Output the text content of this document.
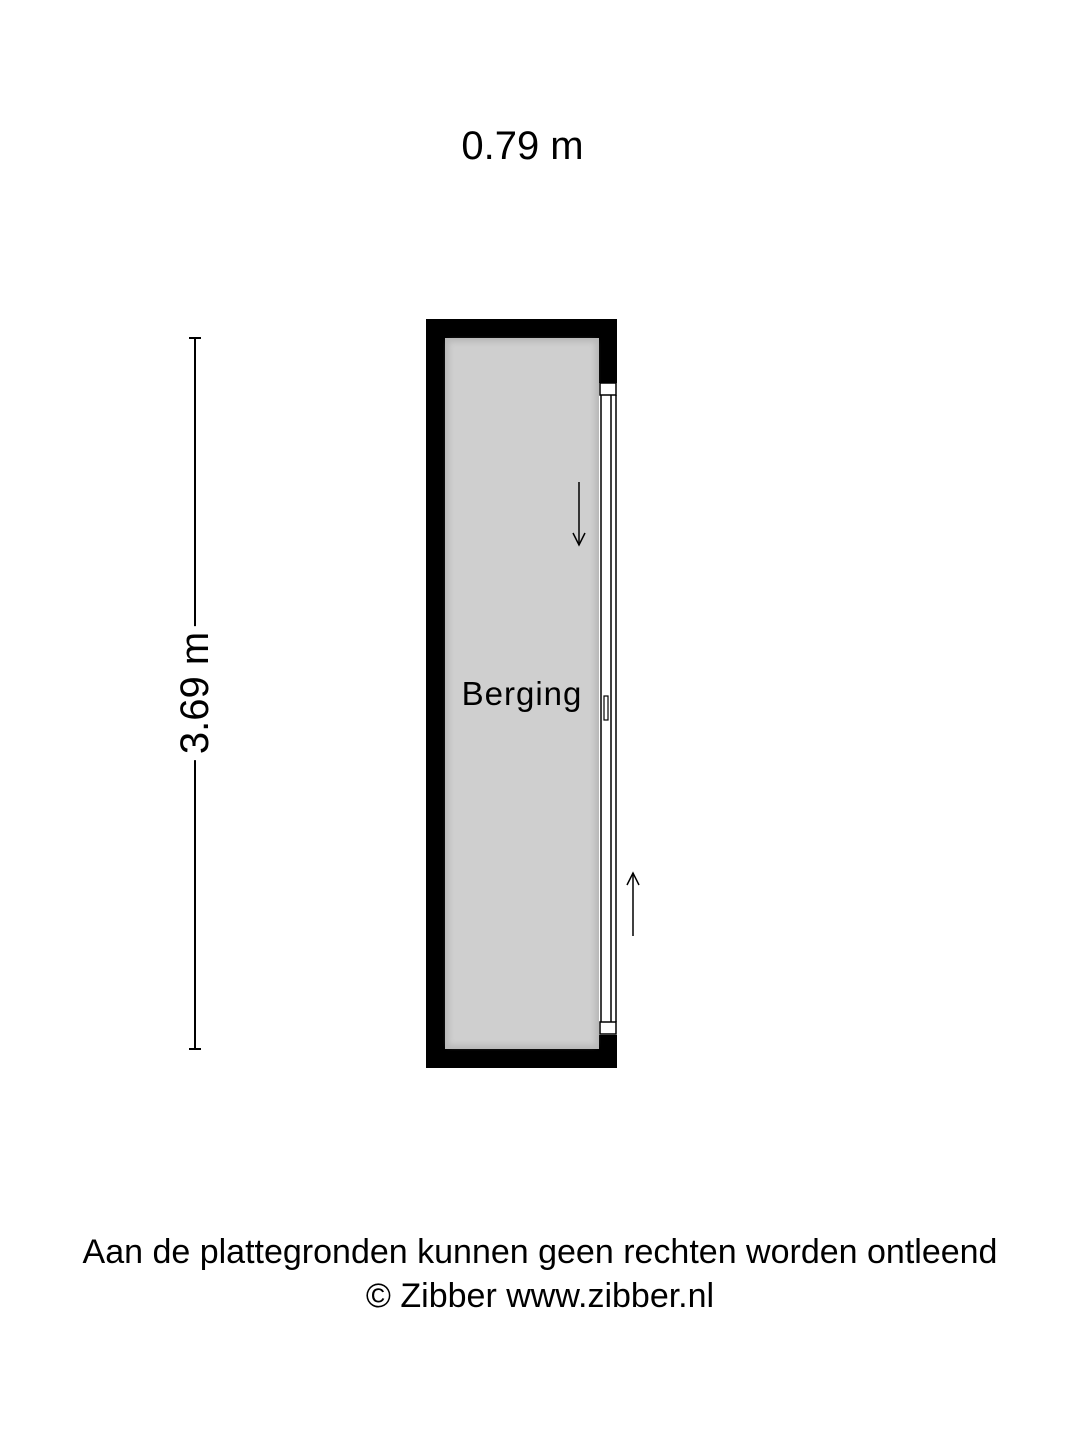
0.79 m
3.69 m	Berging
Aan de plattegronden kunnen geen rechten worden ontleend
© Zibber www.zibber.nl
